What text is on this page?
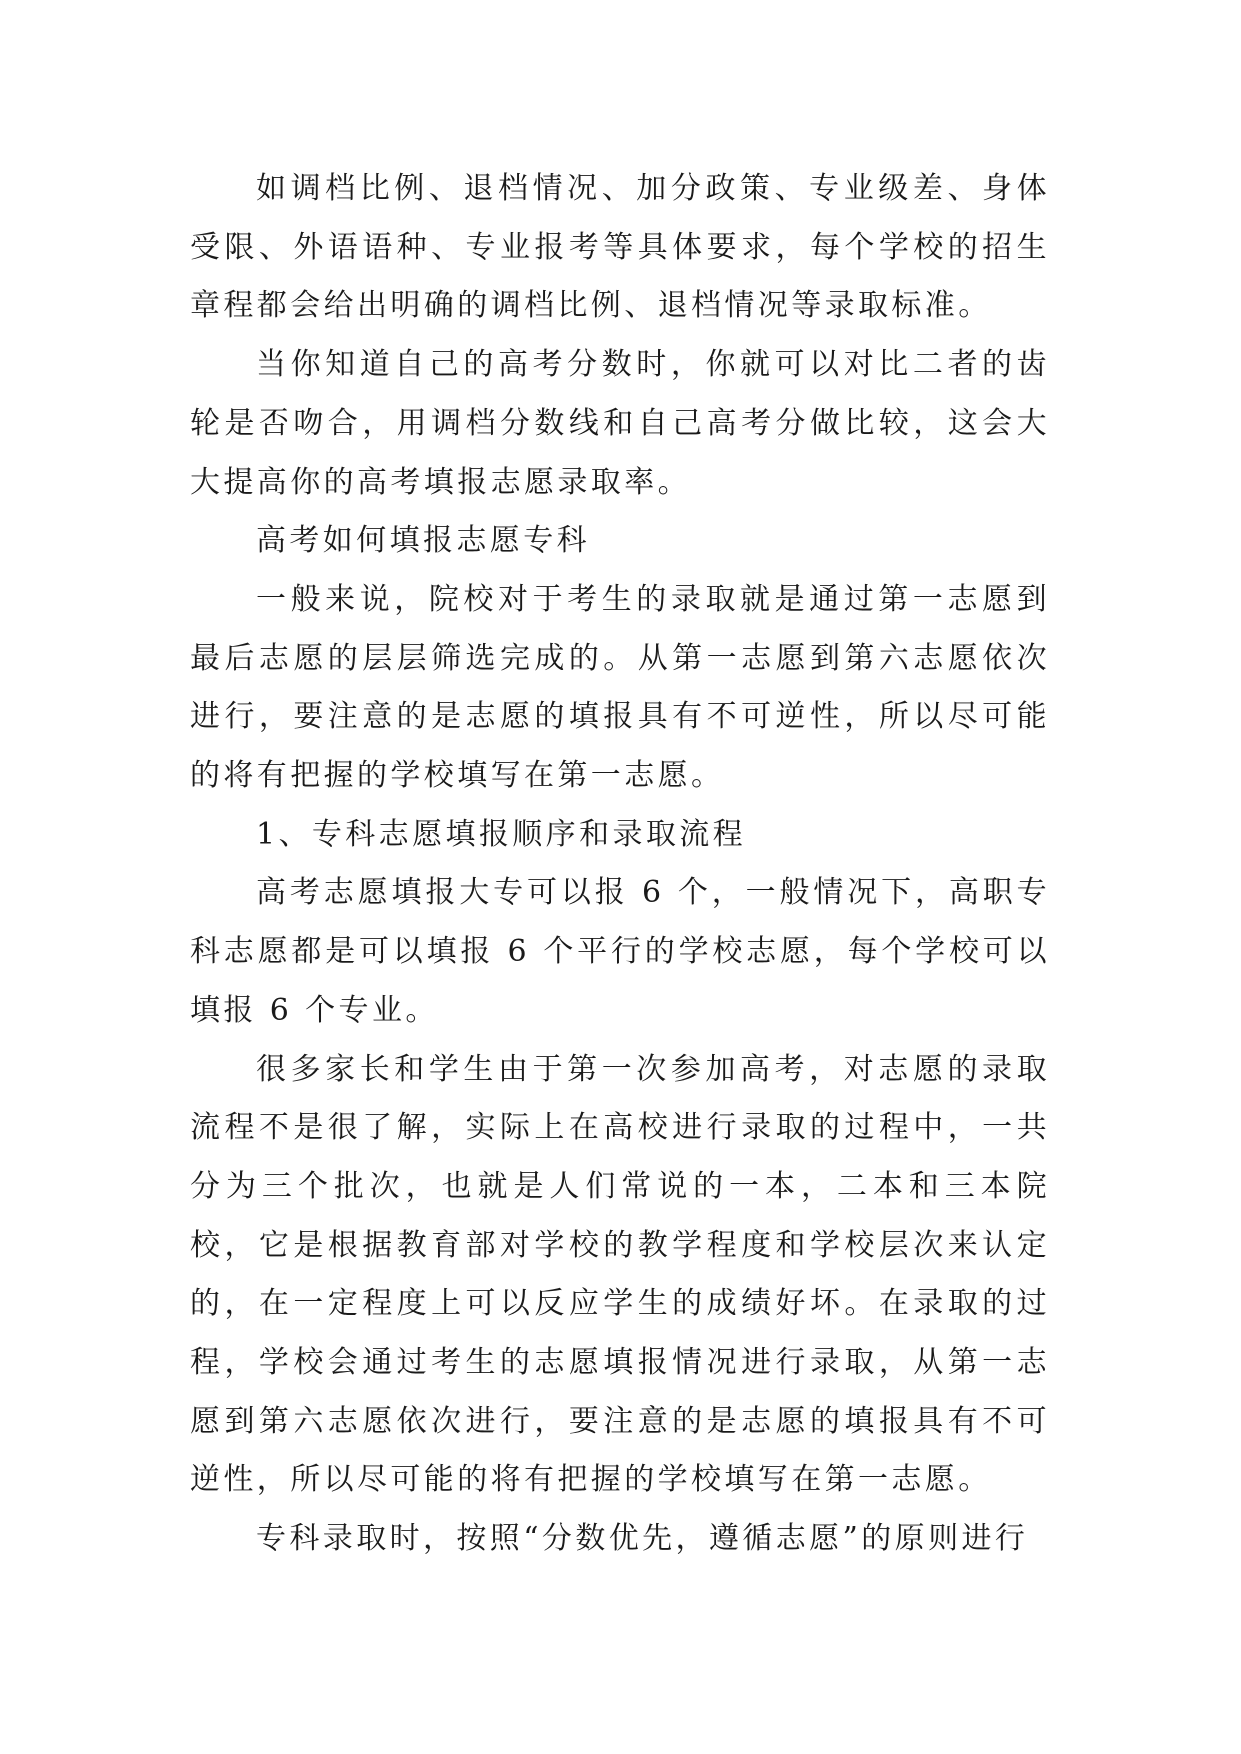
如调档比例、退档情况、加分政策、专业级差、身体受限、外语语种、专业报考等具体要求，每个学校的招生章程都会给出明确的调档比例、退档情况等录取标准。

当你知道自己的高考分数时，你就可以对比二者的齿轮是否吻合，用调档分数线和自己高考分做比较，这会大大提高你的高考填报志愿录取率。

高考如何填报志愿专科

一般来说，院校对于考生的录取就是通过第一志愿到最后志愿的层层筛选完成的。从第一志愿到第六志愿依次进行，要注意的是志愿的填报具有不可逆性，所以尽可能的将有把握的学校填写在第一志愿。

1、专科志愿填报顺序和录取流程

高考志愿填报大专可以报 6 个，一般情况下，高职专科志愿都是可以填报 6 个平行的学校志愿，每个学校可以填报 6 个专业。

很多家长和学生由于第一次参加高考，对志愿的录取流程不是很了解，实际上在高校进行录取的过程中，一共分为三个批次，也就是人们常说的一本，二本和三本院校，它是根据教育部对学校的教学程度和学校层次来认定的，在一定程度上可以反应学生的成绩好坏。在录取的过程，学校会通过考生的志愿填报情况进行录取，从第一志愿到第六志愿依次进行，要注意的是志愿的填报具有不可逆性，所以尽可能的将有把握的学校填写在第一志愿。

专科录取时，按照“分数优先，遵循志愿”的原则进行
